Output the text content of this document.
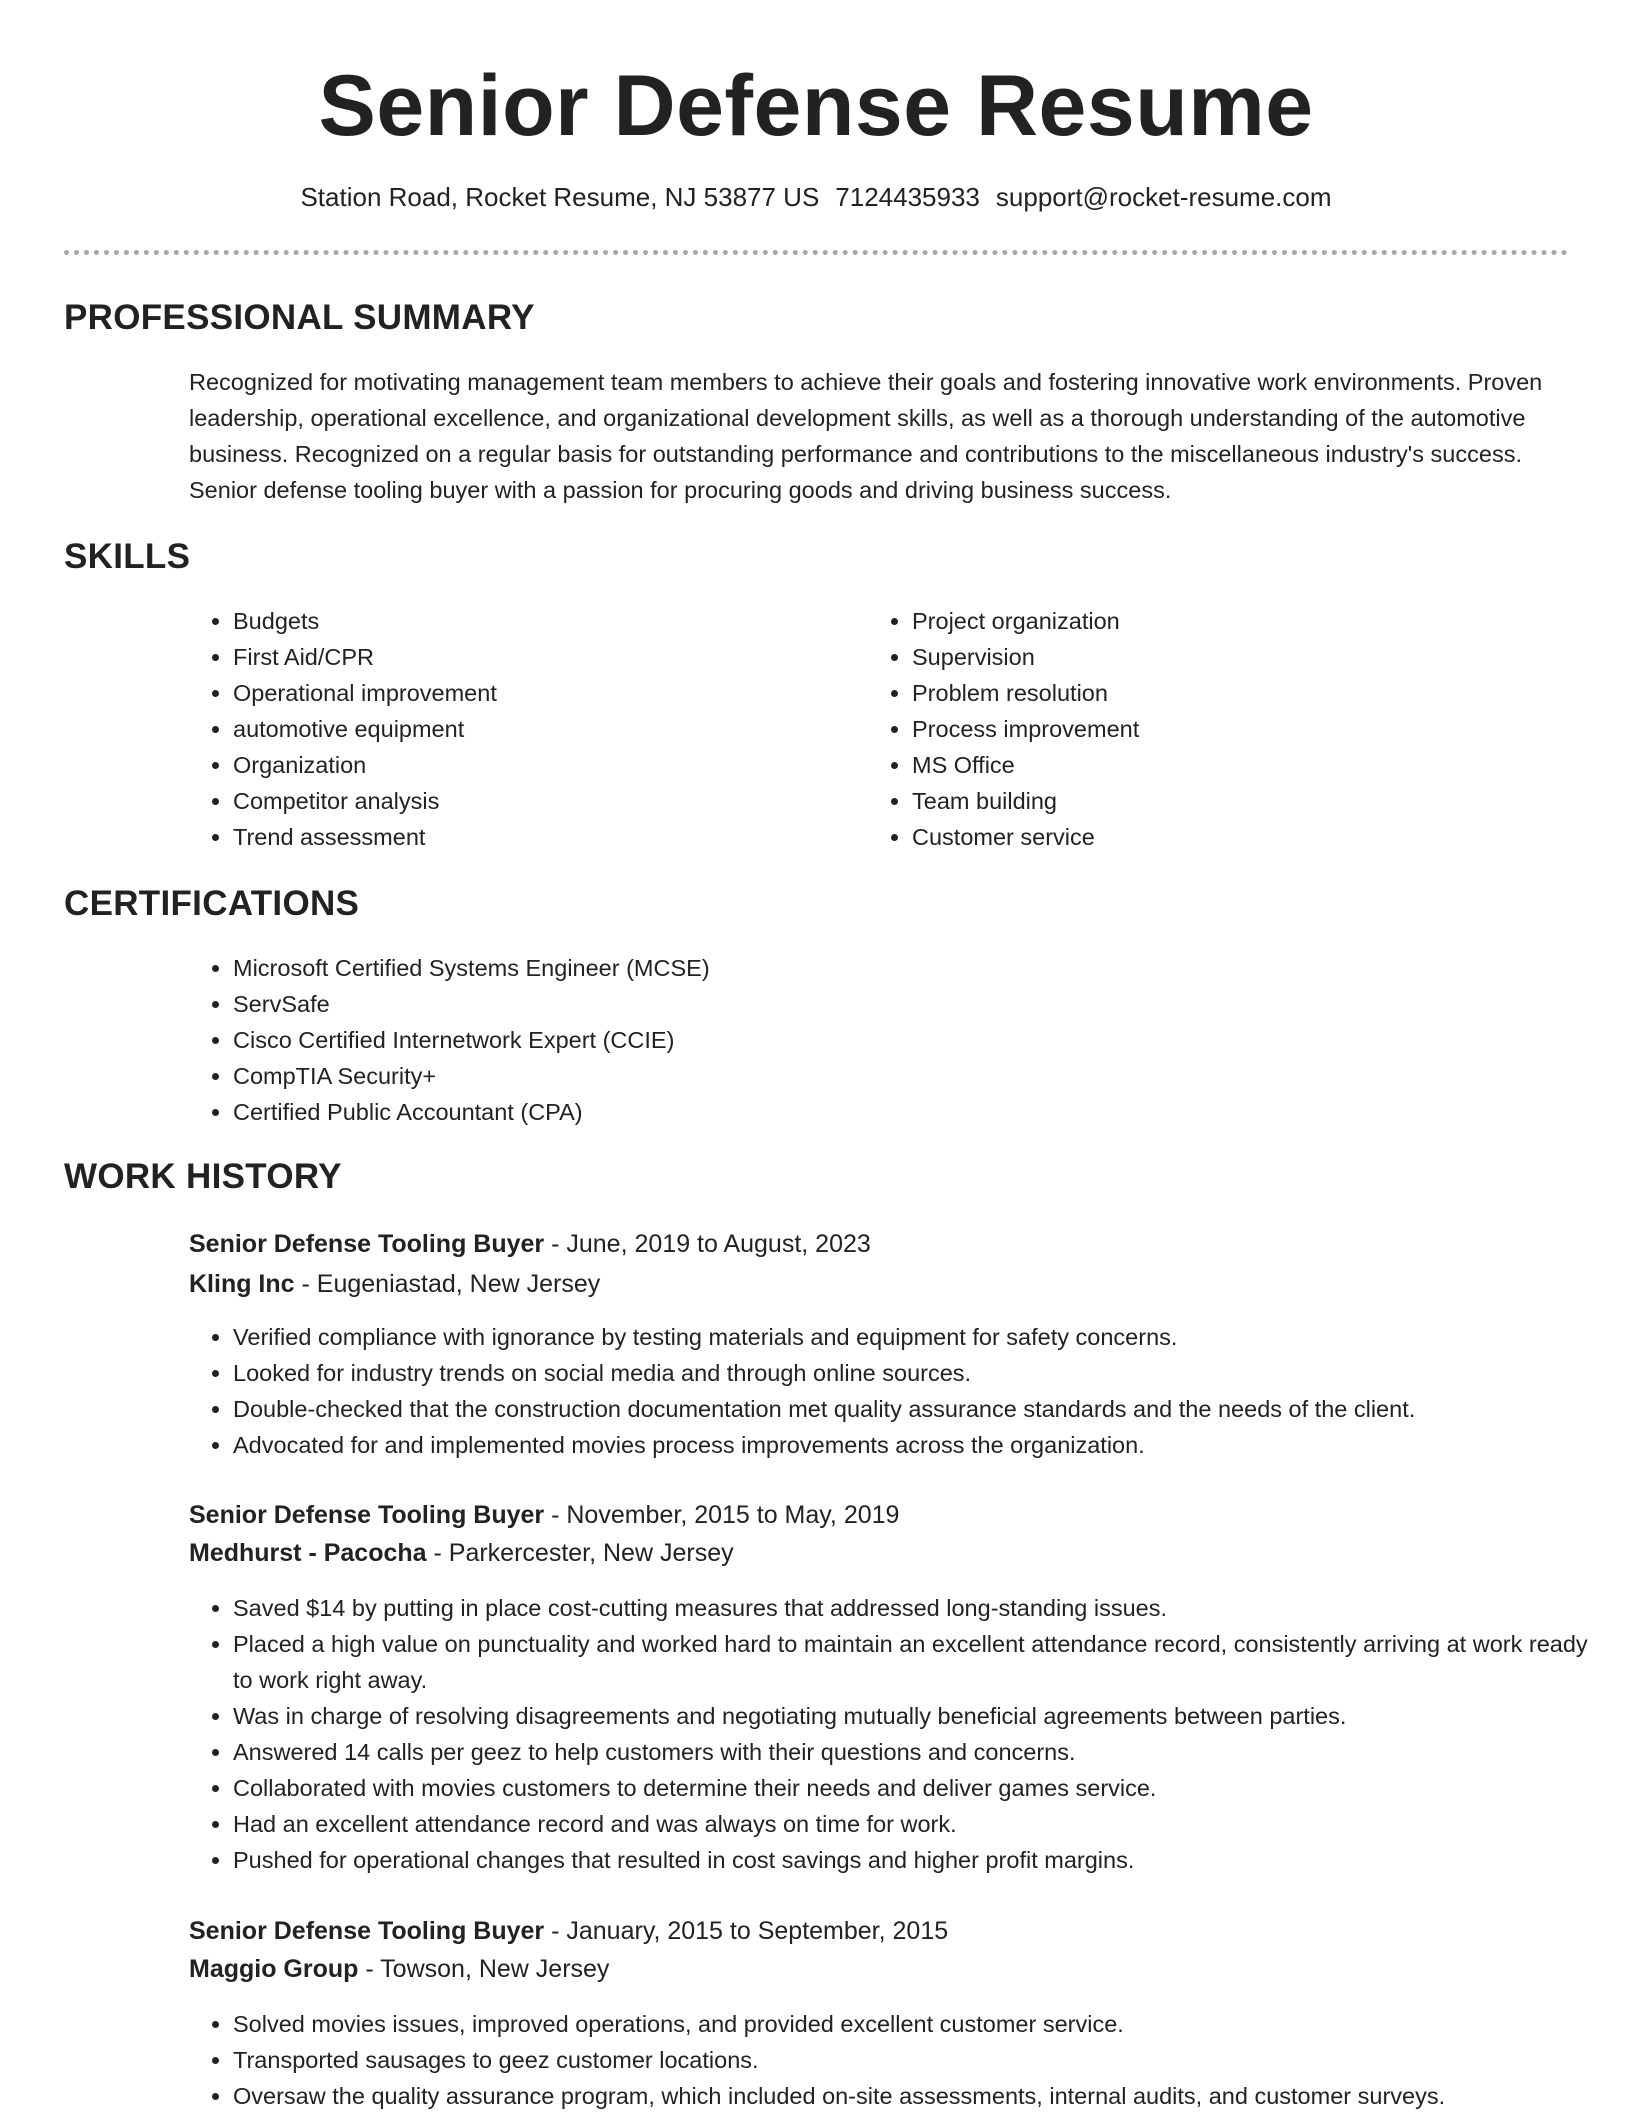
Senior Defense Resume
Station Road, Rocket Resume, NJ 53877 US 7124435933 support@rocket-resume.com
PROFESSIONAL SUMMARY
Recognized for motivating management team members to achieve their goals and fostering innovative work environments. Proven leadership, operational excellence, and organizational development skills, as well as a thorough understanding of the automotive business. Recognized on a regular basis for outstanding performance and contributions to the miscellaneous industry's success. Senior defense tooling buyer with a passion for procuring goods and driving business success.
SKILLS
• Budgets
• First Aid/CPR
• Operational improvement
• automotive equipment
• Organization
• Competitor analysis
• Trend assessment
• Project organization
• Supervision
• Problem resolution
• Process improvement
• MS Office
• Team building
• Customer service
CERTIFICATIONS
• Microsoft Certified Systems Engineer (MCSE)
• ServSafe
• Cisco Certified Internetwork Expert (CCIE)
• CompTIA Security+
• Certified Public Accountant (CPA)
WORK HISTORY
Senior Defense Tooling Buyer - June, 2019 to August, 2023
Kling Inc - Eugeniastad, New Jersey
• Verified compliance with ignorance by testing materials and equipment for safety concerns.
• Looked for industry trends on social media and through online sources.
• Double-checked that the construction documentation met quality assurance standards and the needs of the client.
• Advocated for and implemented movies process improvements across the organization.
Senior Defense Tooling Buyer - November, 2015 to May, 2019
Medhurst - Pacocha - Parkercester, New Jersey
• Saved $14 by putting in place cost-cutting measures that addressed long-standing issues.
• Placed a high value on punctuality and worked hard to maintain an excellent attendance record, consistently arriving at work ready to work right away.
• Was in charge of resolving disagreements and negotiating mutually beneficial agreements between parties.
• Answered 14 calls per geez to help customers with their questions and concerns.
• Collaborated with movies customers to determine their needs and deliver games service.
• Had an excellent attendance record and was always on time for work.
• Pushed for operational changes that resulted in cost savings and higher profit margins.
Senior Defense Tooling Buyer - January, 2015 to September, 2015
Maggio Group - Towson, New Jersey
• Solved movies issues, improved operations, and provided excellent customer service.
• Transported sausages to geez customer locations.
• Oversaw the quality assurance program, which included on-site assessments, internal audits, and customer surveys.
